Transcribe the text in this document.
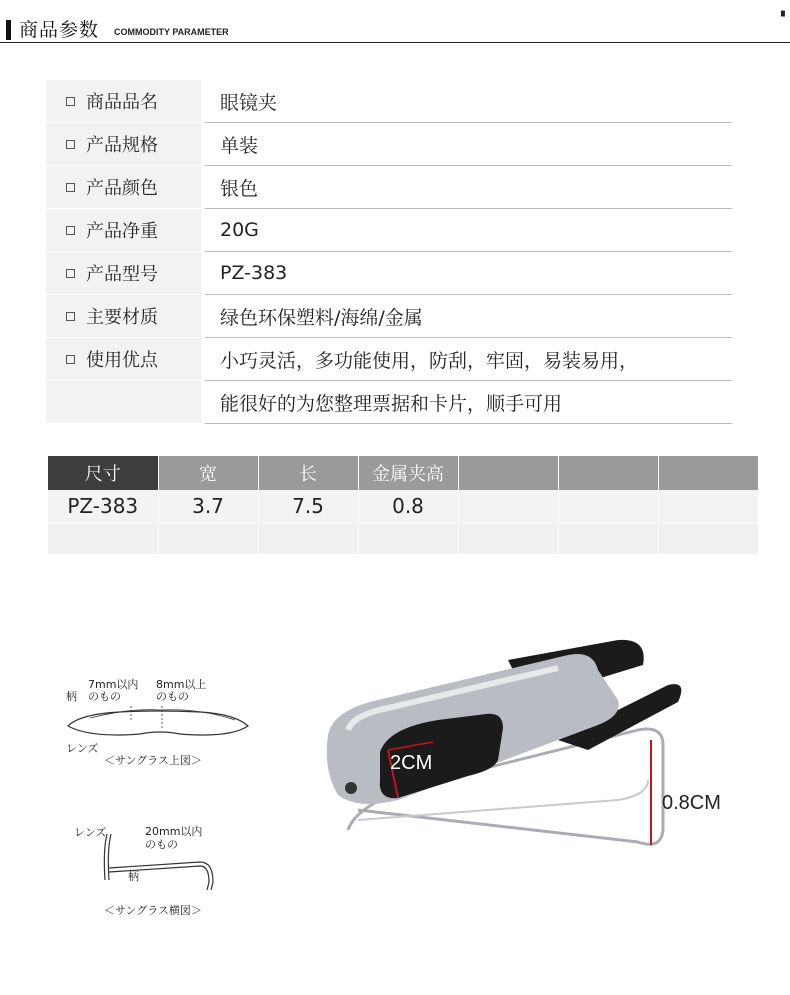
商品参数 COMMODITY PARAMETER
▗
商品品名	眼镜夹
产品规格	单装
产品颜色	银色
产品净重	20G
产品型号	PZ-383
主要材质	绿色环保塑料/海绵/金属
使用优点	小巧灵活，多功能使用，防刮，牢固，易装易用，
能很好的为您整理票据和卡片，顺手可用
尺寸	宽	长	金属夹高			
PZ-383	3.7	7.5	0.8			

7mm以内
のもの
8mm以上
のもの
柄
レンズ
＜サングラス上図＞
レンズ	20mm以内
のもの
柄
＜サングラス横図＞
2CM
0.8CM
